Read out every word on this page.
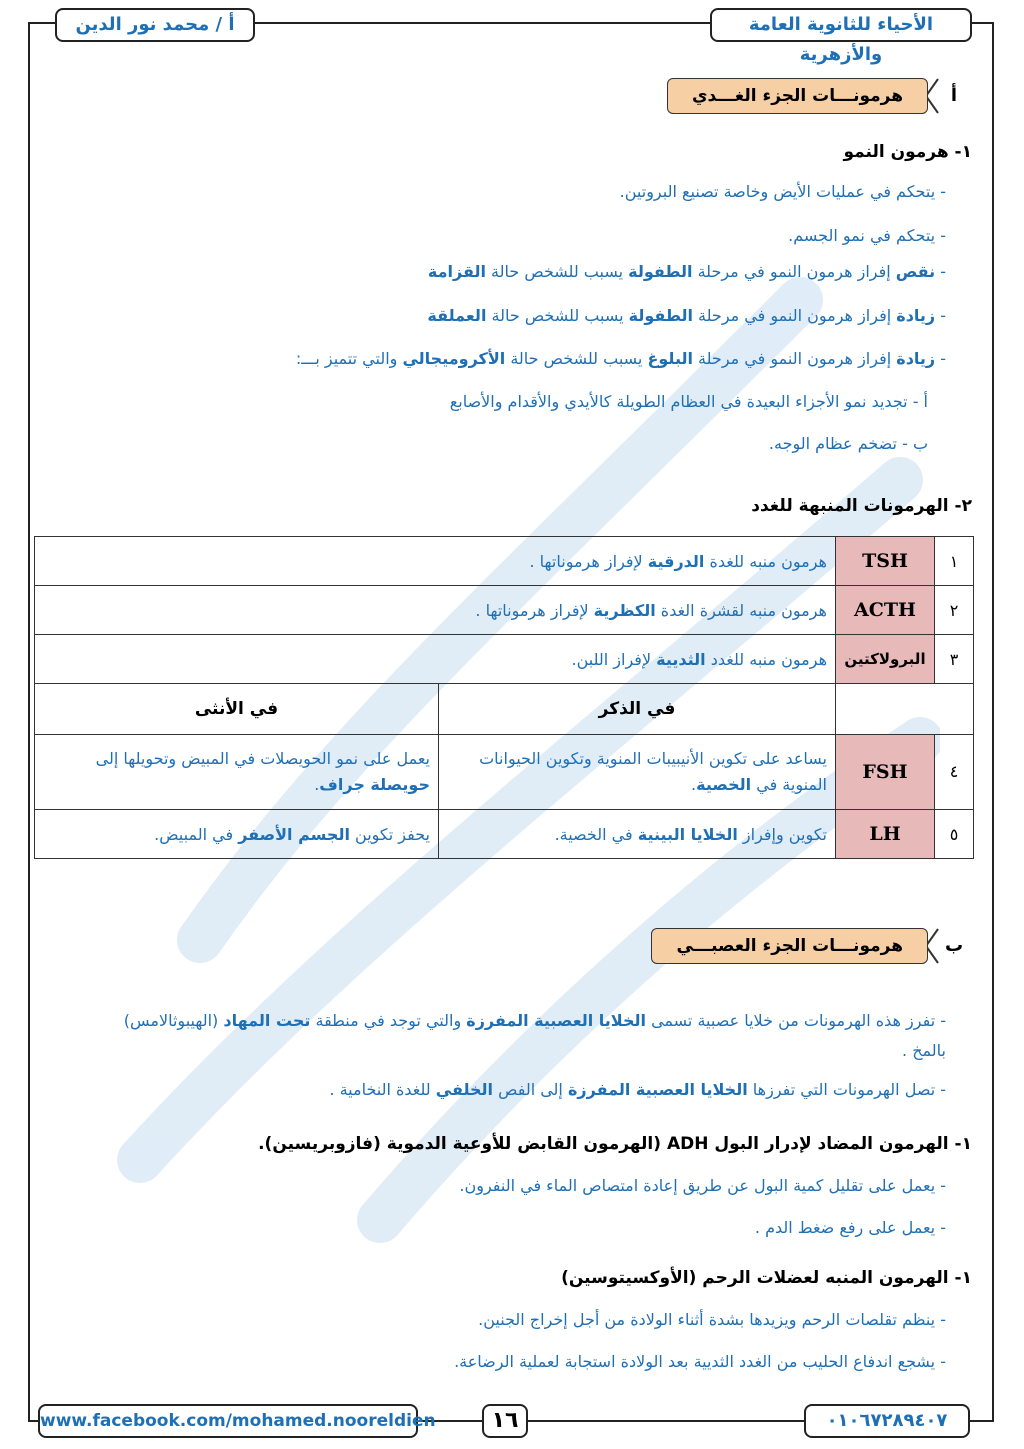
الأحياء للثانوية العامة والأزهرية
أ / محمد نور الدين
أ
هرمونـــات الجزء الغـــدي
١- هرمون النمو
- يتحكم في عمليات الأيض وخاصة تصنيع البروتين.
- يتحكم في نمو الجسم.
- نقص إفراز هرمون النمو في مرحلة الطفولة يسبب للشخص حالة القزامة
- زيادة إفراز هرمون النمو في مرحلة الطفولة يسبب للشخص حالة العملقة
- زيادة إفراز هرمون النمو في مرحلة البلوغ يسبب للشخص حالة الأكروميجالي والتي تتميز بـــ:
أ - تجديد نمو الأجزاء البعيدة في العظام الطويلة كالأيدي والأقدام والأصابع
ب - تضخم عظام الوجه.
٢- الهرمونات المنبهة للغدد
١	TSH	هرمون منبه للغدة الدرقية لإفراز هرموناتها .	
٢	ACTH	هرمون منبه لقشرة الغدة الكظرية لإفراز هرموناتها .	
٣	البرولاكتين	هرمون منبه للغدد الثديية لإفراز اللبن.	
		في الذكر	في الأنثى
٤	FSH	يساعد على تكوين الأنيبيبات المنوية وتكوين الحيوانات المنوية في الخصية.	يعمل على نمو الحويصلات في المبيض وتحويلها إلى حويصلة جراف.
٥	LH	تكوين وإفراز الخلايا البينية في الخصية.	يحفز تكوين الجسم الأصفر في المبيض.
ب
هرمونـــات الجزء العصبـــي
- تفرز هذه الهرمونات من خلايا عصبية تسمى الخلايا العصبية المفرزة والتي توجد في منطقة تحت المهاد (الهيبوثالامس) بالمخ .
- تصل الهرمونات التي تفرزها الخلايا العصبية المفرزة إلى الفص الخلفي للغدة النخامية .
١- الهرمون المضاد لإدرار البول ADH (الهرمون القابض للأوعية الدموية (فازوبريسين).
- يعمل على تقليل كمية البول عن طريق إعادة امتصاص الماء في النفرون.
- يعمل على رفع ضغط الدم .
١- الهرمون المنبه لعضلات الرحم (الأوكسيتوسين)
- ينظم تقلصات الرحم ويزيدها بشدة أثناء الولادة من أجل إخراج الجنين.
- يشجع اندفاع الحليب من الغدد الثديية بعد الولادة استجابة لعملية الرضاعة.
www.facebook.com/mohamed.nooreldien	١٦	٠١٠٦٧٢٨٩٤٠٧
